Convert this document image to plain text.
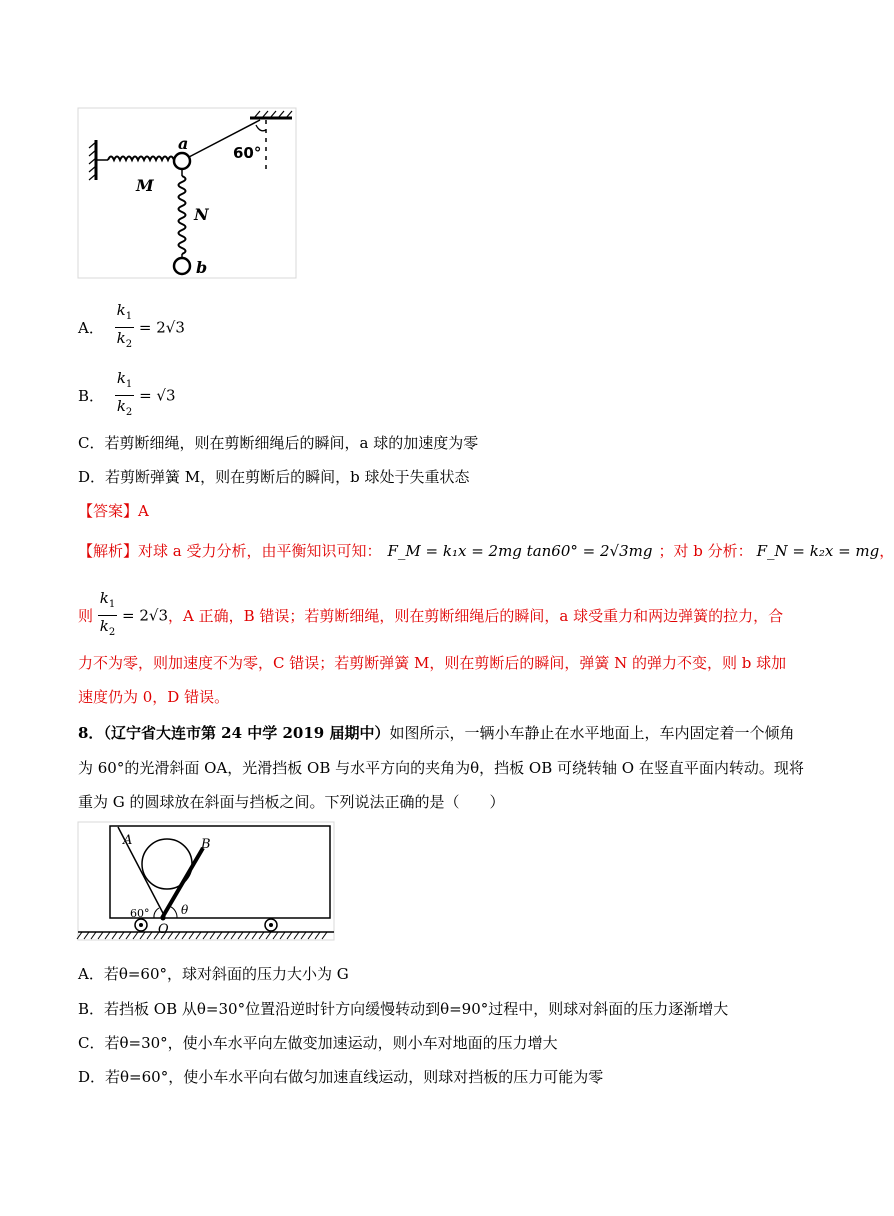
a
b
M
N
60°
A． $\frac{k_1}{k_2} = 2√3$
B． $\frac{k_1}{k_2} = √3$
C．若剪断细绳，则在剪断细绳后的瞬间，a 球的加速度为零
D．若剪断弹簧 M，则在剪断后的瞬间，b 球处于失重状态
【答案】A
【解析】对球 a 受力分析，由平衡知识可知： F_M = k₁x = 2mg tan60° = 2√3mg ；对 b 分析： F_N = k₂x = mg，
则 $\frac{k_1}{k_2} = 2√3$，A 正确，B 错误；若剪断细绳，则在剪断细绳后的瞬间，a 球受重力和两边弹簧的拉力，合
力不为零，则加速度不为零，C 错误；若剪断弹簧 M，则在剪断后的瞬间，弹簧 N 的弹力不变，则 b 球加
速度仍为 0，D 错误。
8．（辽宁省大连市第 24 中学 2019 届期中）如图所示，一辆小车静止在水平地面上，车内固定着一个倾角
为 60°的光滑斜面 OA，光滑挡板 OB 与水平方向的夹角为θ，挡板 OB 可绕转轴 O 在竖直平面内转动。现将
重为 G 的圆球放在斜面与挡板之间。下列说法正确的是（　　）
A	B
O
60°	θ
A．若θ=60°，球对斜面的压力大小为 G
B．若挡板 OB 从θ=30°位置沿逆时针方向缓慢转动到θ=90°过程中，则球对斜面的压力逐渐增大
C．若θ=30°，使小车水平向左做变加速运动，则小车对地面的压力增大
D．若θ=60°，使小车水平向右做匀加速直线运动，则球对挡板的压力可能为零
